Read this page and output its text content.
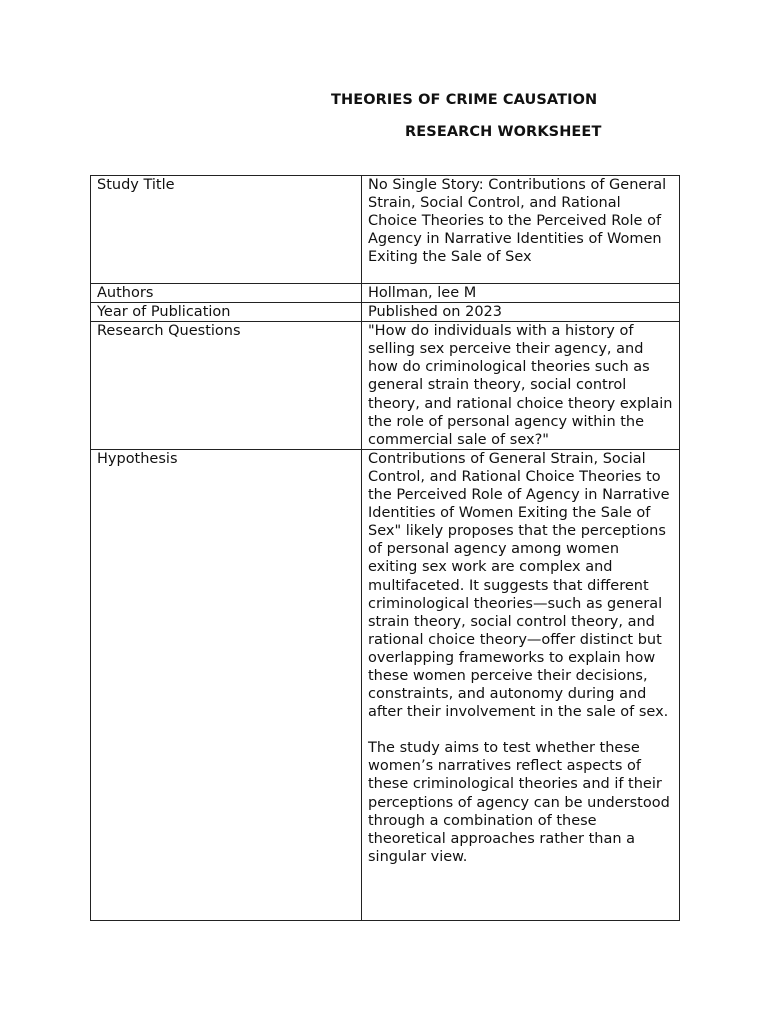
THEORIES OF CRIME CAUSATION
RESEARCH WORKSHEET
Study Title	No Single Story: Contributions of General Strain, Social Control, and Rational Choice Theories to the Perceived Role of Agency in Narrative Identities of Women Exiting the Sale of Sex
Authors	Hollman, lee M
Year of Publication	Published on 2023
Research Questions	"How do individuals with a history of selling sex perceive their agency, and how do criminological theories such as general strain theory, social control theory, and rational choice theory explain the role of personal agency within the commercial sale of sex?"
Hypothesis	Contributions of General Strain, Social Control, and Rational Choice Theories to the Perceived Role of Agency in Narrative Identities of Women Exiting the Sale of Sex" likely proposes that the perceptions of personal agency among women exiting sex work are complex and multifaceted. It suggests that different criminological theories—such as general strain theory, social control theory, and rational choice theory—offer distinct but overlapping frameworks to explain how these women perceive their decisions, constraints, and autonomy during and after their involvement in the sale of sex.

The study aims to test whether these women’s narratives reflect aspects of these criminological theories and if their perceptions of agency can be understood through a combination of these theoretical approaches rather than a singular view.
